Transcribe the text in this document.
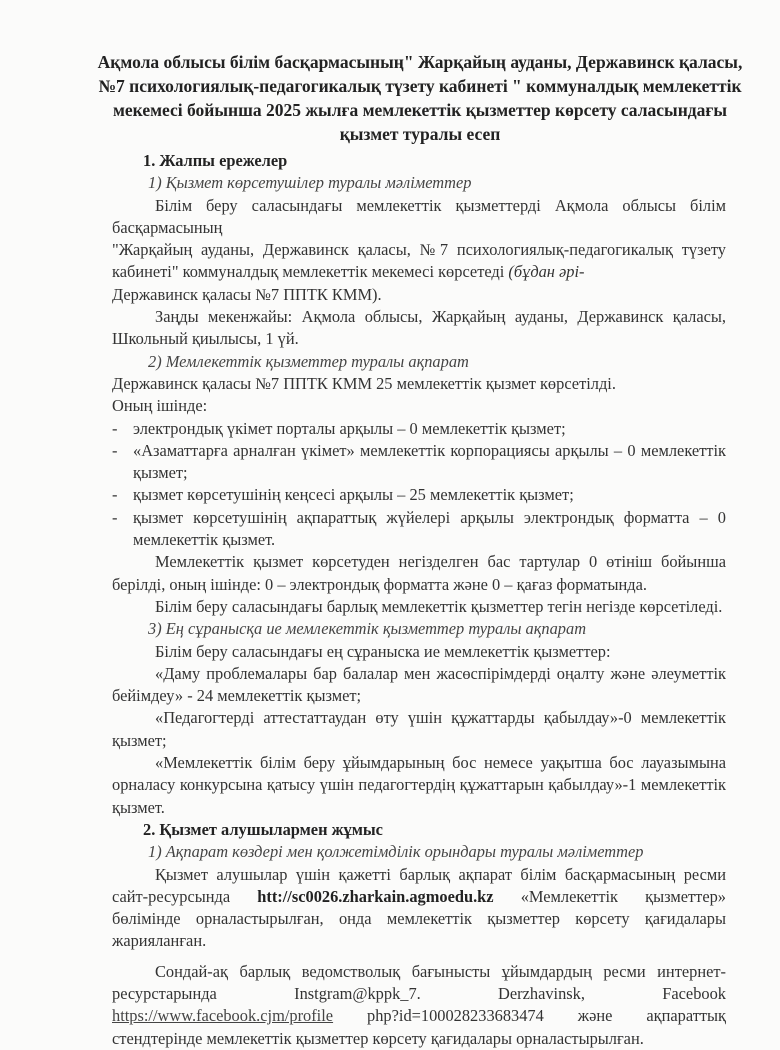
Ақмола облысы білім басқармасының" Жарқайың ауданы, Державинск қаласы, №7 психологиялық-педагогикалық түзету кабинеті " коммуналдық мемлекеттік мекемесі бойынша 2025 жылға мемлекеттік қызметтер көрсету саласындағы қызмет туралы есеп

1. Жалпы ережелер

1) Қызмет көрсетушілер туралы мәліметтер

Білім беру саласындағы мемлекеттік қызметтерді Ақмола облысы білім басқармасының

"Жарқайың ауданы, Державинск қаласы, №7 психологиялық-педагогикалық түзету кабинеті" коммуналдық мемлекеттік мекемесі көрсетеді (бұдан әрі-

Державинск қаласы №7 ППТК КММ).

Заңды мекенжайы: Ақмола облысы, Жарқайың ауданы, Державинск қаласы, Школьный қиылысы, 1 үй.

2) Мемлекеттік қызметтер туралы ақпарат

Державинск қаласы №7 ППТК КММ 25 мемлекеттік қызмет көрсетілді.

Оның ішінде:

- электрондық үкімет порталы арқылы – 0 мемлекеттік қызмет;
- «Азаматтарға арналған үкімет» мемлекеттік корпорациясы арқылы – 0 мемлекеттік қызмет;
- қызмет көрсетушінің кеңсесі арқылы – 25 мемлекеттік қызмет;
- қызмет көрсетушінің ақпараттық жүйелері арқылы электрондық форматта – 0 мемлекеттік қызмет.

Мемлекеттік қызмет көрсетуден негізделген бас тартулар 0 өтініш бойынша берілді, оның ішінде: 0 – электрондық форматта және 0 – қағаз форматында.

Білім беру саласындағы барлық мемлекеттік қызметтер тегін негізде көрсетіледі.

3) Ең сұранысқа ие мемлекеттік қызметтер туралы ақпарат

Білім беру саласындағы ең сұраныска ие мемлекеттік қызметтер:

«Даму проблемалары бар балалар мен жасөспірімдерді оңалту және әлеуметтік бейімдеу» - 24 мемлекеттік қызмет;

«Педагогтерді аттестаттаудан өту үшін құжаттарды қабылдау»-0 мемлекеттік қызмет;

«Мемлекеттік білім беру ұйымдарының бос немесе уақытша бос лауазымына орналасу конкурсына қатысу үшін педагогтердің құжаттарын қабылдау»-1 мемлекеттік қызмет.

2. Қызмет алушылармен жұмыс

1) Ақпарат көздері мен қолжетімділік орындары туралы мәліметтер

Қызмет алушылар үшін қажетті барлық ақпарат білім басқармасының ресми сайт-ресурсында htt://sc0026.zharkain.agmoedu.kz «Мемлекеттік қызметтер» бөлімінде орналастырылған, онда мемлекеттік қызметтер көрсету қағидалары жарияланған.

Сондай-ақ барлық ведомстволық бағынысты ұйымдардың ресми интернет-ресурстарында Instgram@kppk_7. Derzhavinsk, Facebook https://www.facebook.cjm/profile php?id=100028233683474 және ақпараттық стендтерінде мемлекеттік қызметтер көрсету қағидалары орналастырылған.
